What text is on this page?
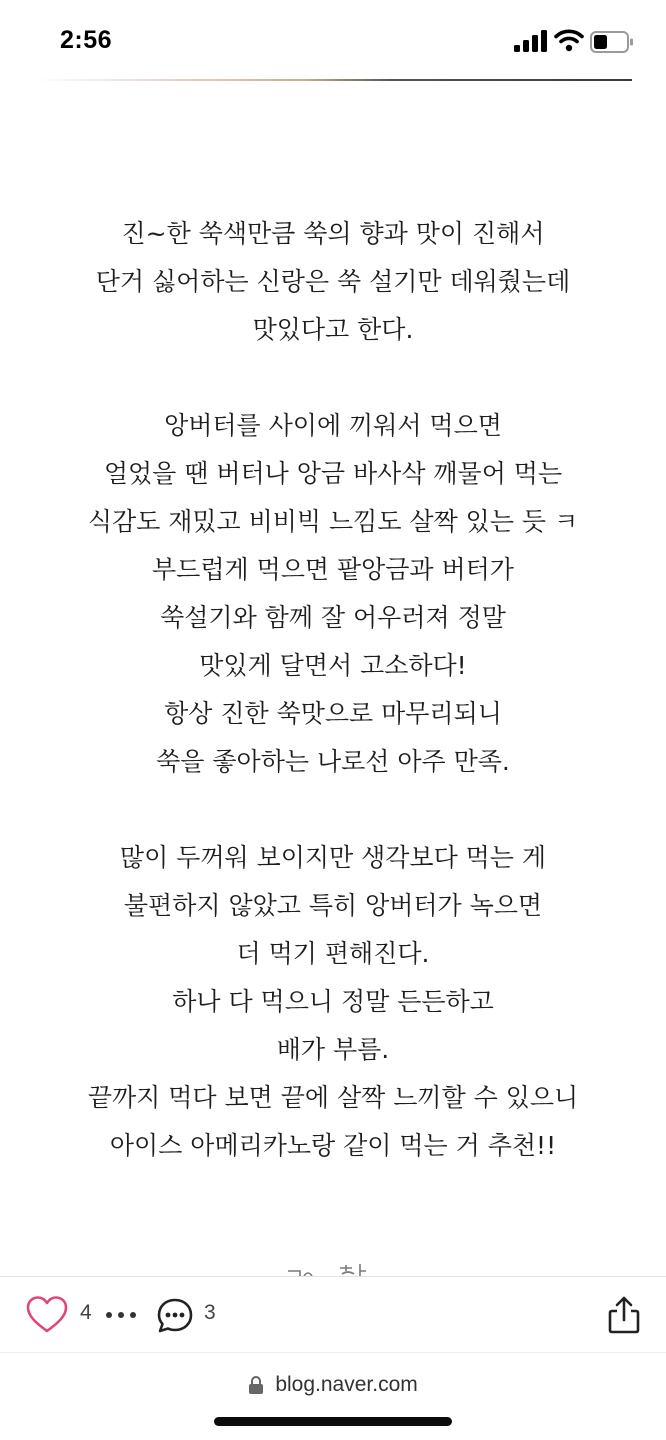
2:56
진~한 쑥색만큼 쑥의 향과 맛이 진해서
단거 싫어하는 신랑은 쑥 설기만 데워줬는데
맛있다고 한다.
앙버터를 사이에 끼워서 먹으면
얼었을 땐 버터나 앙금 바사삭 깨물어 먹는
식감도 재밌고 비비빅 느낌도 살짝 있는 듯 ㅋ
부드럽게 먹으면 팥앙금과 버터가
쑥설기와 함께 잘 어우러져 정말
맛있게 달면서 고소하다!
항상 진한 쑥맛으로 마무리되니
쑥을 좋아하는 나로선 아주 만족.
많이 두꺼워 보이지만 생각보다 먹는 게
불편하지 않았고 특히 앙버터가 녹으면
더 먹기 편해진다.
하나 다 먹으니 정말 든든하고
배가 부름.
끝까지 먹다 보면 끝에 살짝 느끼할 수 있으니
아이스 아메리카노랑 같이 먹는 거 추천!!
4	3
blog.naver.com
